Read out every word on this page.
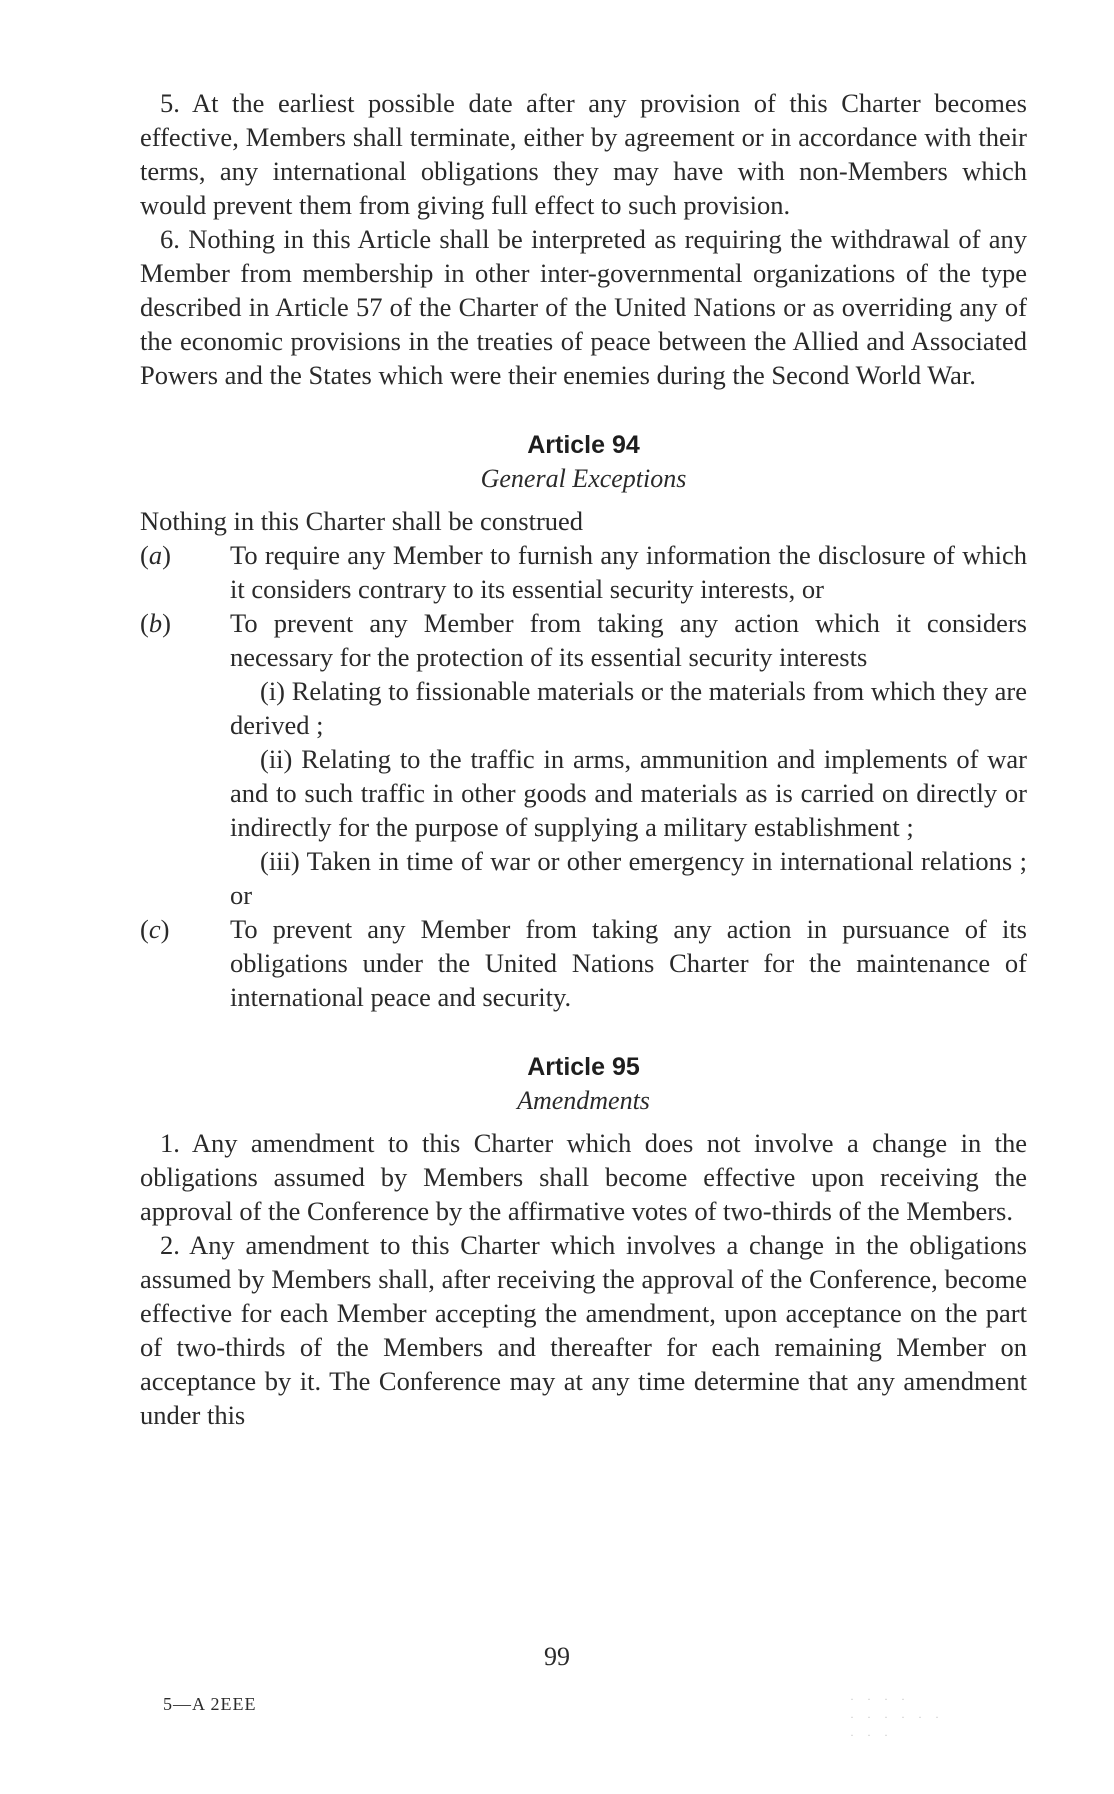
5. At the earliest possible date after any provision of this Charter becomes effective, Members shall terminate, either by agreement or in accordance with their terms, any international obligations they may have with non-Members which would prevent them from giving full effect to such provision.

6. Nothing in this Article shall be interpreted as requiring the withdrawal of any Member from membership in other inter-governmental organizations of the type described in Article 57 of the Charter of the United Nations or as overriding any of the economic provisions in the treaties of peace between the Allied and Associated Powers and the States which were their enemies during the Second World War.

Article 94

General Exceptions

Nothing in this Charter shall be construed

(a) To require any Member to furnish any information the disclosure of which it considers contrary to its essential security interests, or
(b) To prevent any Member from taking any action which it considers necessary for the protection of its essential security interests
(i) Relating to fissionable materials or the materials from which they are derived ;
(ii) Relating to the traffic in arms, ammunition and implements of war and to such traffic in other goods and materials as is carried on directly or indirectly for the purpose of supplying a military establishment ;
(iii) Taken in time of war or other emergency in international relations ; or
(c) To prevent any Member from taking any action in pursuance of its obligations under the United Nations Charter for the maintenance of international peace and security.

Article 95

Amendments

1. Any amendment to this Charter which does not involve a change in the obligations assumed by Members shall become effective upon receiving the approval of the Conference by the affirmative votes of two-thirds of the Members.

2. Any amendment to this Charter which involves a change in the obligations assumed by Members shall, after receiving the approval of the Conference, become effective for each Member accepting the amendment, upon acceptance on the part of two-thirds of the Members and thereafter for each remaining Member on acceptance by it. The Conference may at any time determine that any amendment under this

99
5—A 2EEE	· · · ·
· · · · · ·
· · ·
